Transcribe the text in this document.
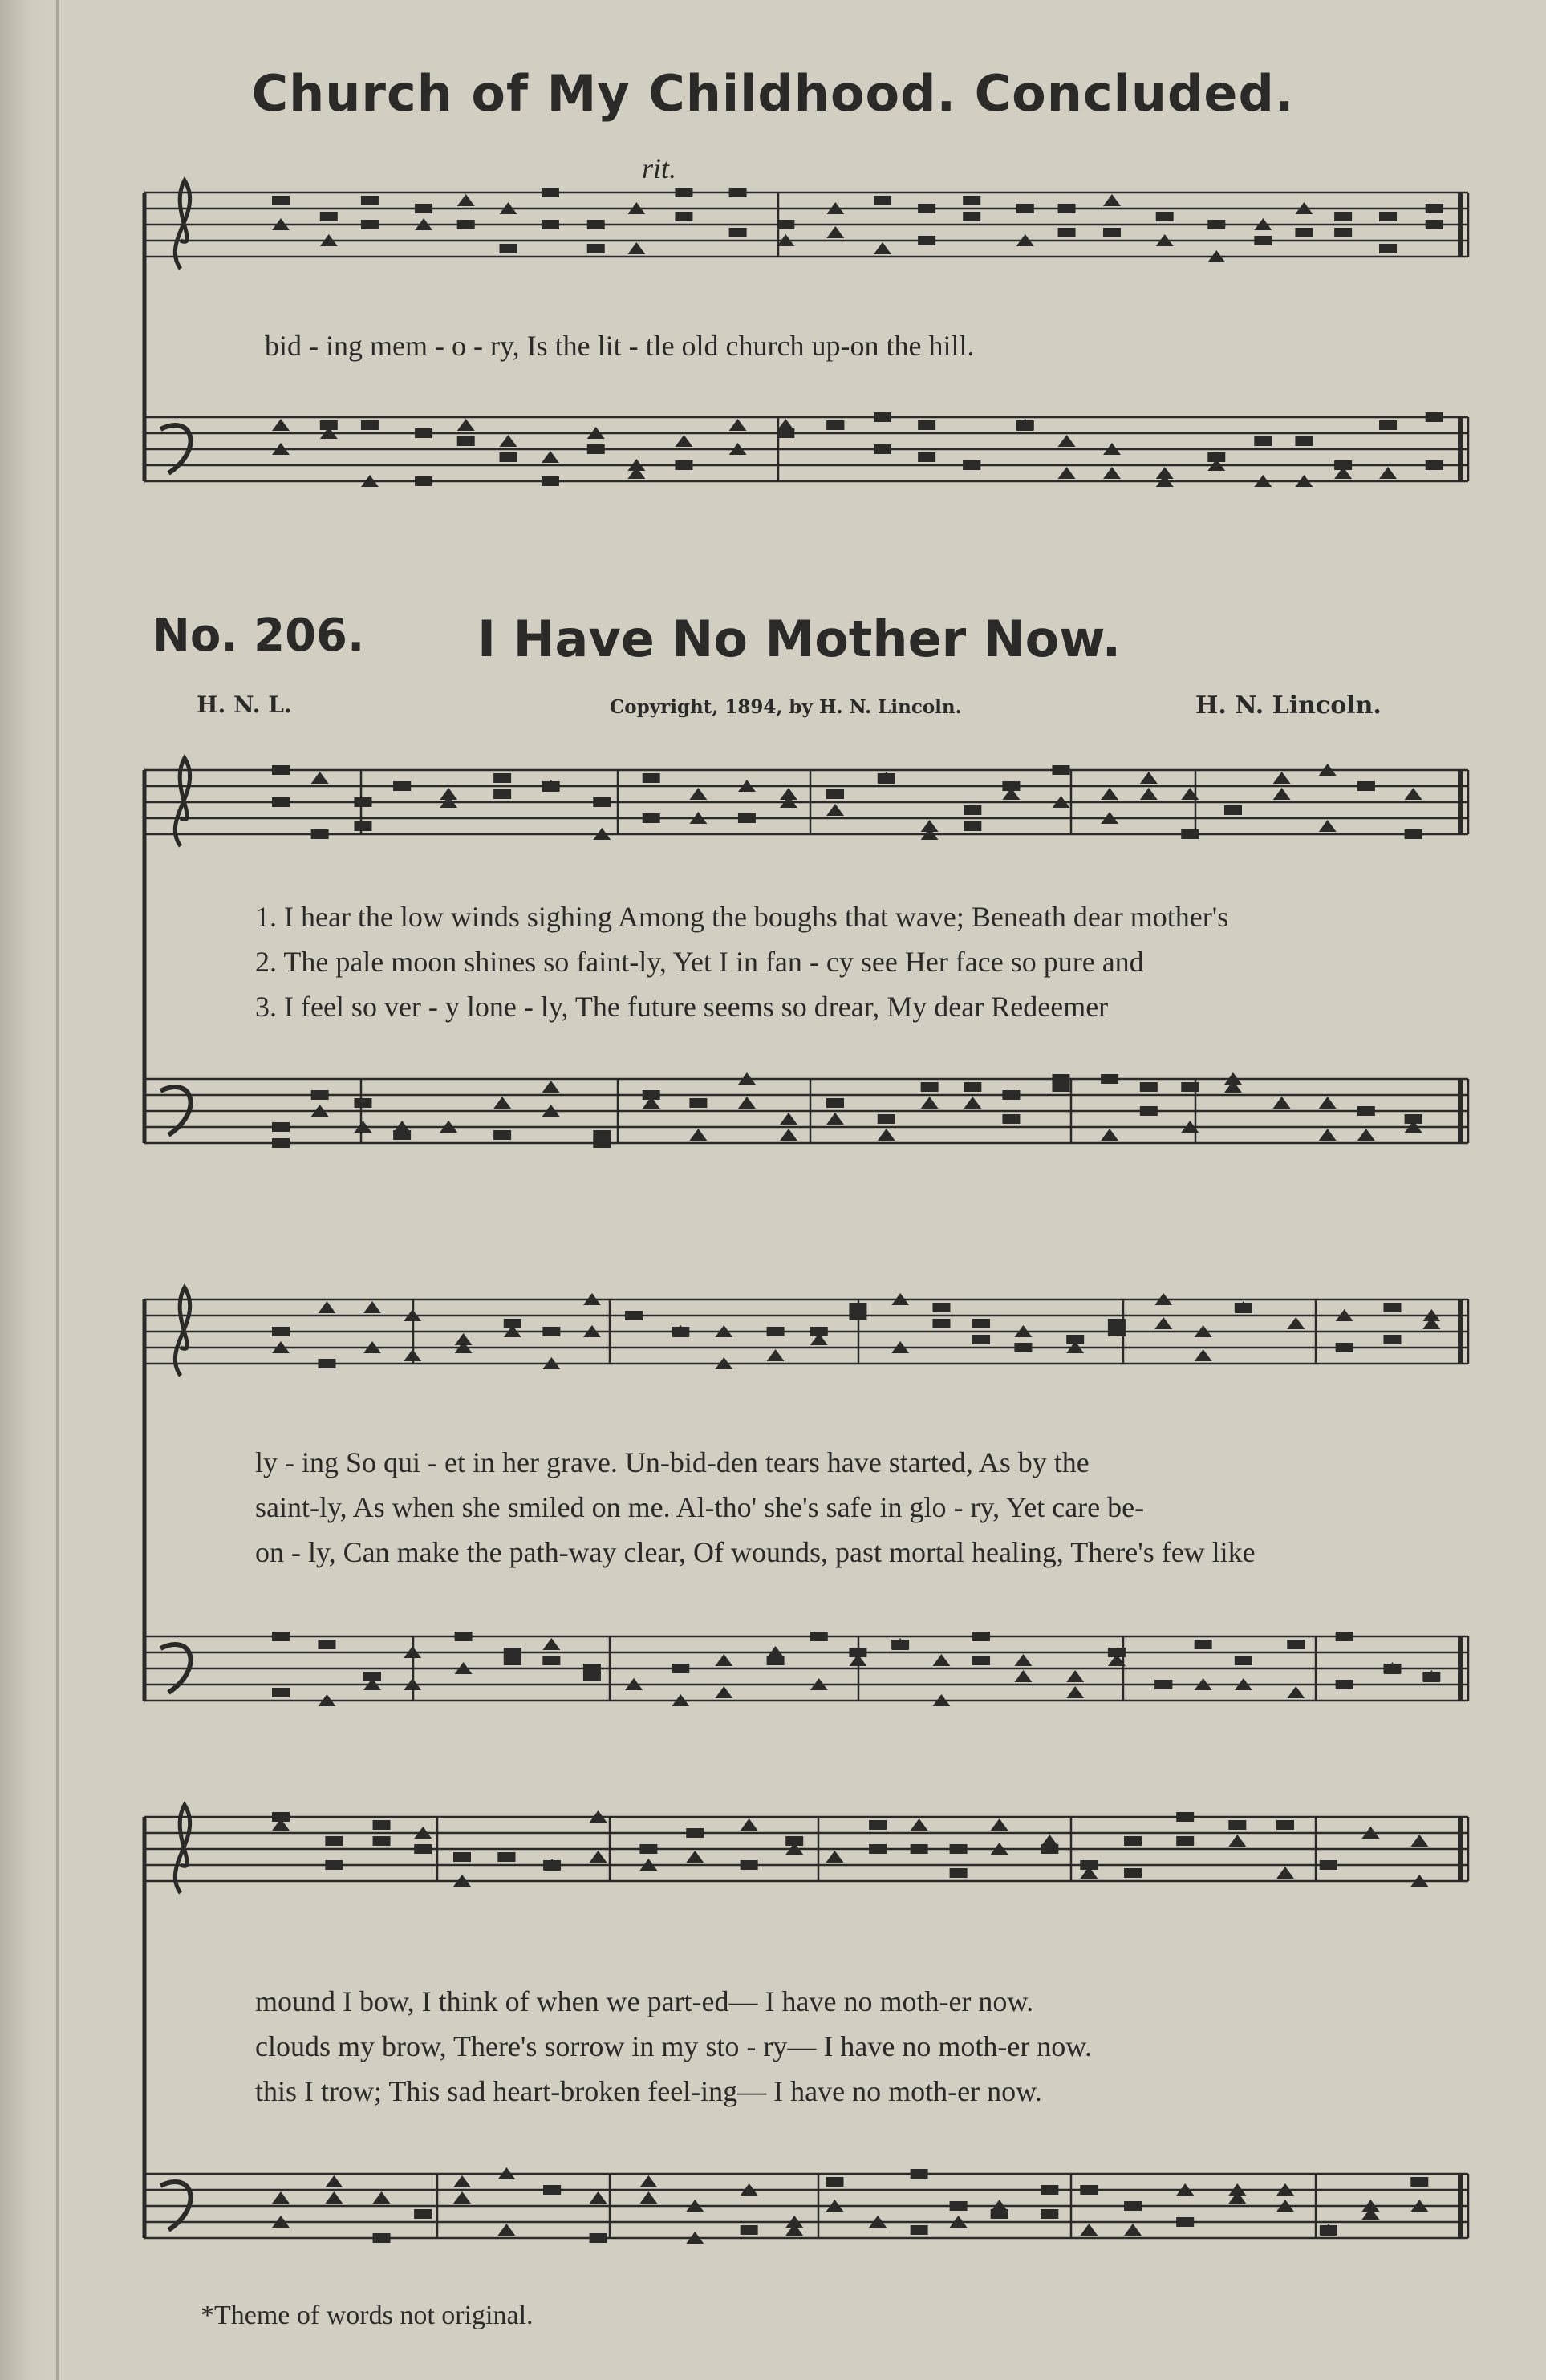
Church of My Childhood. Concluded.
rit.
bid - ing mem - o - ry, Is the lit - tle old church up-on the hill.
No. 206. I Have No Mother Now.
H. N. L.	Copyright, 1894, by H. N. Lincoln.	H. N. Lincoln.
1. I hear the low winds sighing Among the boughs that wave; Beneath dear mother's
2. The pale moon shines so faint-ly, Yet I in fan - cy see Her face so pure and
3. I feel so ver - y lone - ly, The future seems so drear, My dear Redeemer
ly - ing So qui - et in her grave. Un-bid-den tears have started, As by the
saint-ly, As when she smiled on me. Al-tho' she's safe in glo - ry, Yet care be-
on - ly, Can make the path-way clear, Of wounds, past mortal healing, There's few like
mound I bow, I think of when we part-ed— I have no moth-er now.
clouds my brow, There's sorrow in my sto - ry— I have no moth-er now.
this I trow; This sad heart-broken feel-ing— I have no moth-er now.
*Theme of words not original.
